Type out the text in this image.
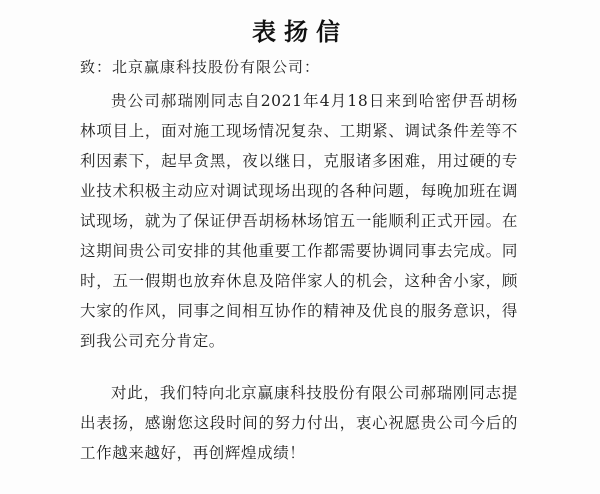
表扬信
致：北京赢康科技股份有限公司：

贵公司郝瑞刚同志自2021年4月18日来到哈密伊吾胡杨林项目上，面对施工现场情况复杂、工期紧、调试条件差等不利因素下，起早贪黑，夜以继日，克服诸多困难，用过硬的专业技术积极主动应对调试现场出现的各种问题，每晚加班在调试现场，就为了保证伊吾胡杨林场馆五一能顺利正式开园。在这期间贵公司安排的其他重要工作都需要协调同事去完成。同时，五一假期也放弃休息及陪伴家人的机会，这种舍小家，顾大家的作风，同事之间相互协作的精神及优良的服务意识，得到我公司充分肯定。

对此，我们特向北京赢康科技股份有限公司郝瑞刚同志提出表扬，感谢您这段时间的努力付出，衷心祝愿贵公司今后的工作越来越好，再创辉煌成绩！
